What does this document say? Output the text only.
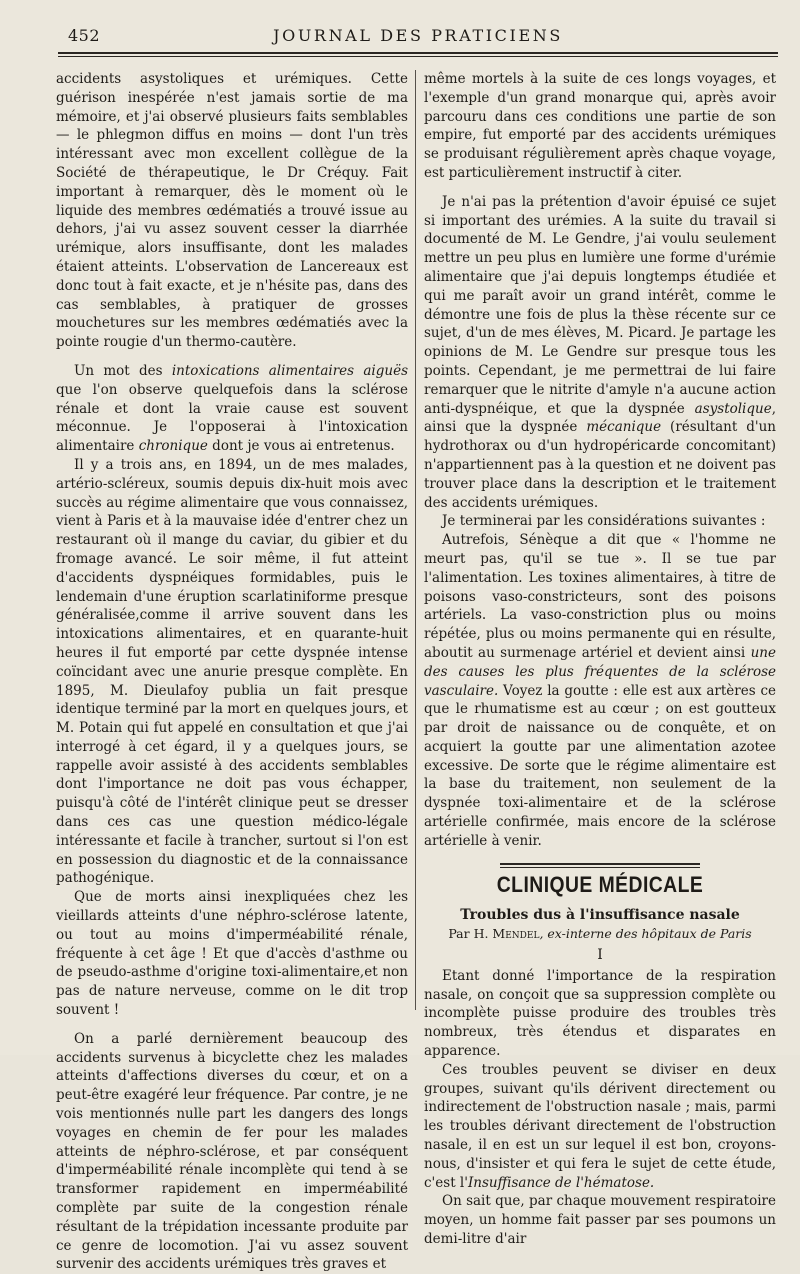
452	JOURNAL DES PRATICIENS

accidents asystoliques et urémiques. Cette guérison inespérée n'est jamais sortie de ma mémoire, et j'ai observé plusieurs faits semblables — le phlegmon diffus en moins — dont l'un très intéressant avec mon excellent collègue de la Société de thérapeutique, le Dr Créquy. Fait important à remarquer, dès le moment où le liquide des membres œdématiés a trouvé issue au dehors, j'ai vu assez souvent cesser la diarrhée urémique, alors insuffisante, dont les malades étaient atteints. L'observation de Lancereaux est donc tout à fait exacte, et je n'hésite pas, dans des cas semblables, à pratiquer de grosses mouchetures sur les membres œdématiés avec la pointe rougie d'un thermo-cautère.

Un mot des intoxications alimentaires aiguës que l'on observe quelquefois dans la sclérose rénale et dont la vraie cause est souvent méconnue. Je l'opposerai à l'intoxication alimentaire chronique dont je vous ai entretenus.

Il y a trois ans, en 1894, un de mes malades, artério-scléreux, soumis depuis dix-huit mois avec succès au régime alimentaire que vous connaissez, vient à Paris et à la mauvaise idée d'entrer chez un restaurant où il mange du caviar, du gibier et du fromage avancé. Le soir même, il fut atteint d'accidents dyspnéiques formidables, puis le lendemain d'une éruption scarlatiniforme presque généralisée,comme il arrive souvent dans les intoxications alimentaires, et en quarante-huit heures il fut emporté par cette dyspnée intense coïncidant avec une anurie presque complète. En 1895, M. Dieulafoy publia un fait presque identique terminé par la mort en quelques jours, et M. Potain qui fut appelé en consultation et que j'ai interrogé à cet égard, il y a quelques jours, se rappelle avoir assisté à des accidents semblables dont l'importance ne doit pas vous échapper, puisqu'à côté de l'intérêt clinique peut se dresser dans ces cas une question médico-légale intéressante et facile à trancher, surtout si l'on est en possession du diagnostic et de la connaissance pathogénique.

Que de morts ainsi inexpliquées chez les vieillards atteints d'une néphro-sclérose latente, ou tout au moins d'imperméabilité rénale, fréquente à cet âge ! Et que d'accès d'asthme ou de pseudo-asthme d'origine toxi-alimentaire,et non pas de nature nerveuse, comme on le dit trop souvent !

On a parlé dernièrement beaucoup des accidents survenus à bicyclette chez les malades atteints d'affections diverses du cœur, et on a peut-être exagéré leur fréquence. Par contre, je ne vois mentionnés nulle part les dangers des longs voyages en chemin de fer pour les malades atteints de néphro-sclérose, et par conséquent d'imperméabilité rénale incomplète qui tend à se transformer rapidement en imperméabilité complète par suite de la congestion rénale résultant de la trépidation incessante produite par ce genre de locomotion. J'ai vu assez souvent survenir des accidents urémiques très graves et

même mortels à la suite de ces longs voyages, et l'exemple d'un grand monarque qui, après avoir parcouru dans ces conditions une partie de son empire, fut emporté par des accidents urémiques se produisant régulièrement après chaque voyage, est particulièrement instructif à citer.

Je n'ai pas la prétention d'avoir épuisé ce sujet si important des urémies. A la suite du travail si documenté de M. Le Gendre, j'ai voulu seulement mettre un peu plus en lumière une forme d'urémie alimentaire que j'ai depuis longtemps étudiée et qui me paraît avoir un grand intérêt, comme le démontre une fois de plus la thèse récente sur ce sujet, d'un de mes élèves, M. Picard. Je partage les opinions de M. Le Gendre sur presque tous les points. Cependant, je me permettrai de lui faire remarquer que le nitrite d'amyle n'a aucune action anti-dyspnéique, et que la dyspnée asystolique, ainsi que la dyspnée mécanique (résultant d'un hydrothorax ou d'un hydropéricarde concomitant) n'appartiennent pas à la question et ne doivent pas trouver place dans la description et le traitement des accidents urémiques.

Je terminerai par les considérations suivantes :

Autrefois, Sénèque a dit que « l'homme ne meurt pas, qu'il se tue ». Il se tue par l'alimentation. Les toxines alimentaires, à titre de poisons vaso-constricteurs, sont des poisons artériels. La vaso-constriction plus ou moins répétée, plus ou moins permanente qui en résulte, aboutit au surmenage artériel et devient ainsi une des causes les plus fréquentes de la sclérose vasculaire. Voyez la goutte : elle est aux artères ce que le rhumatisme est au cœur ; on est goutteux par droit de naissance ou de conquête, et on acquiert la goutte par une alimentation azotee excessive. De sorte que le régime alimentaire est la base du traitement, non seulement de la dyspnée toxi-alimentaire et de la sclérose artérielle confirmée, mais encore de la sclérose artérielle à venir.

CLINIQUE MÉDICALE

Troubles dus à l'insuffisance nasale

Par H. Mendel, ex-interne des hôpitaux de Paris

I

Etant donné l'importance de la respiration nasale, on conçoit que sa suppression complète ou incomplète puisse produire des troubles très nombreux, très étendus et disparates en apparence.

Ces troubles peuvent se diviser en deux groupes, suivant qu'ils dérivent directement ou indirectement de l'obstruction nasale ; mais, parmi les troubles dérivant directement de l'obstruction nasale, il en est un sur lequel il est bon, croyons-nous, d'insister et qui fera le sujet de cette étude, c'est l'Insuffisance de l'hématose.

On sait que, par chaque mouvement respiratoire moyen, un homme fait passer par ses poumons un demi-litre d'air
